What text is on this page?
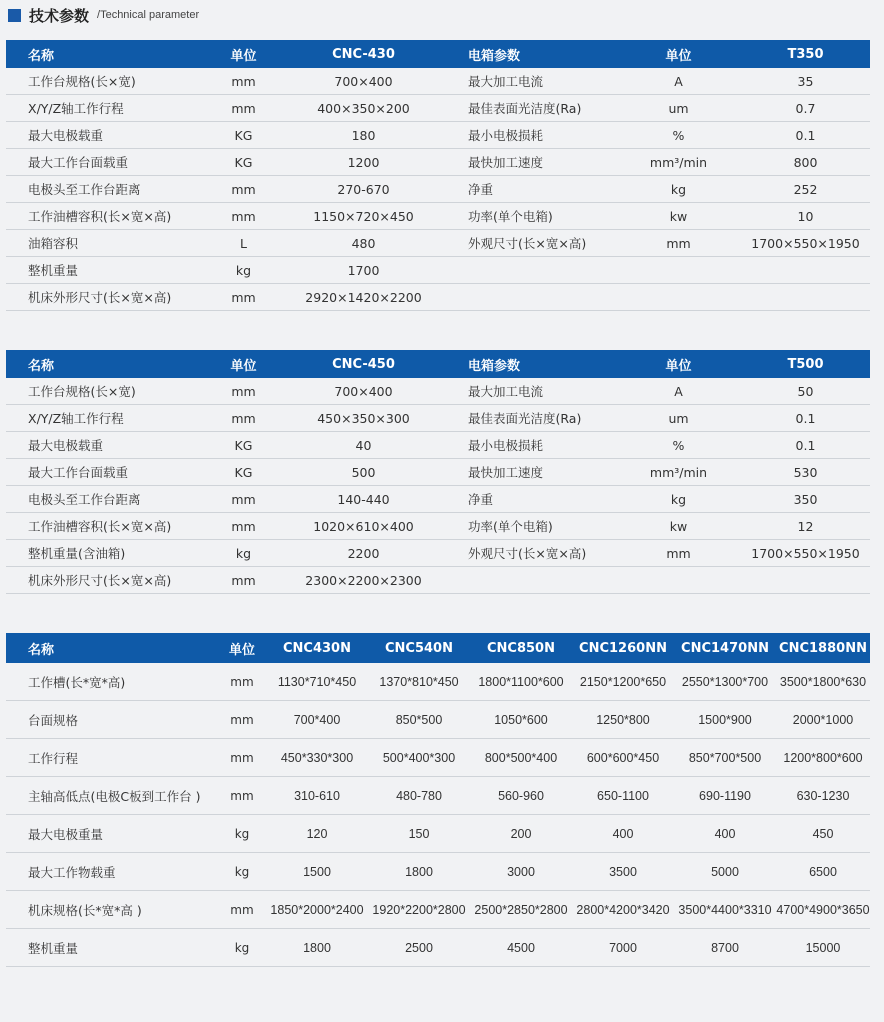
技术参数 /Technical parameter
名称	单位	CNC-430	电箱参数	单位	T350
工作台规格(长×宽)	mm	700×400	最大加工电流	A	35
X/Y/Z轴工作行程	mm	400×350×200	最佳表面光洁度(Ra)	um	0.7
最大电极载重	KG	180	最小电极损耗	%	0.1
最大工作台面载重	KG	1200	最快加工速度	mm³/min	800
电极头至工作台距离	mm	270-670	净重	kg	252
工作油槽容积(长×宽×高)	mm	1150×720×450	功率(单个电箱)	kw	10
油箱容积	L	480	外观尺寸(长×宽×高)	mm	1700×550×1950
整机重量	kg	1700			
机床外形尺寸(长×宽×高)	mm	2920×1420×2200			
名称	单位	CNC-450	电箱参数	单位	T500
工作台规格(长×宽)	mm	700×400	最大加工电流	A	50
X/Y/Z轴工作行程	mm	450×350×300	最佳表面光洁度(Ra)	um	0.1
最大电极载重	KG	40	最小电极损耗	%	0.1
最大工作台面载重	KG	500	最快加工速度	mm³/min	530
电极头至工作台距离	mm	140-440	净重	kg	350
工作油槽容积(长×宽×高)	mm	1020×610×400	功率(单个电箱)	kw	12
整机重量(含油箱)	kg	2200	外观尺寸(长×宽×高)	mm	1700×550×1950
机床外形尺寸(长×宽×高)	mm	2300×2200×2300			
名称	单位	CNC430N	CNC540N	CNC850N	CNC1260NN	CNC1470NN	CNC1880NN
工作槽(长*宽*高)	mm	1130*710*450	1370*810*450	1800*1100*600	2150*1200*650	2550*1300*700	3500*1800*630
台面规格	mm	700*400	850*500	1050*600	1250*800	1500*900	2000*1000
工作行程	mm	450*330*300	500*400*300	800*500*400	600*600*450	850*700*500	1200*800*600
主轴高低点(电极C板到工作台 )	mm	310-610	480-780	560-960	650-1100	690-1190	630-1230
最大电极重量	kg	120	150	200	400	400	450
最大工作物载重	kg	1500	1800	3000	3500	5000	6500
机床规格(长*宽*高 )	mm	1850*2000*2400	1920*2200*2800	2500*2850*2800	2800*4200*3420	3500*4400*3310	4700*4900*3650
整机重量	kg	1800	2500	4500	7000	8700	15000
